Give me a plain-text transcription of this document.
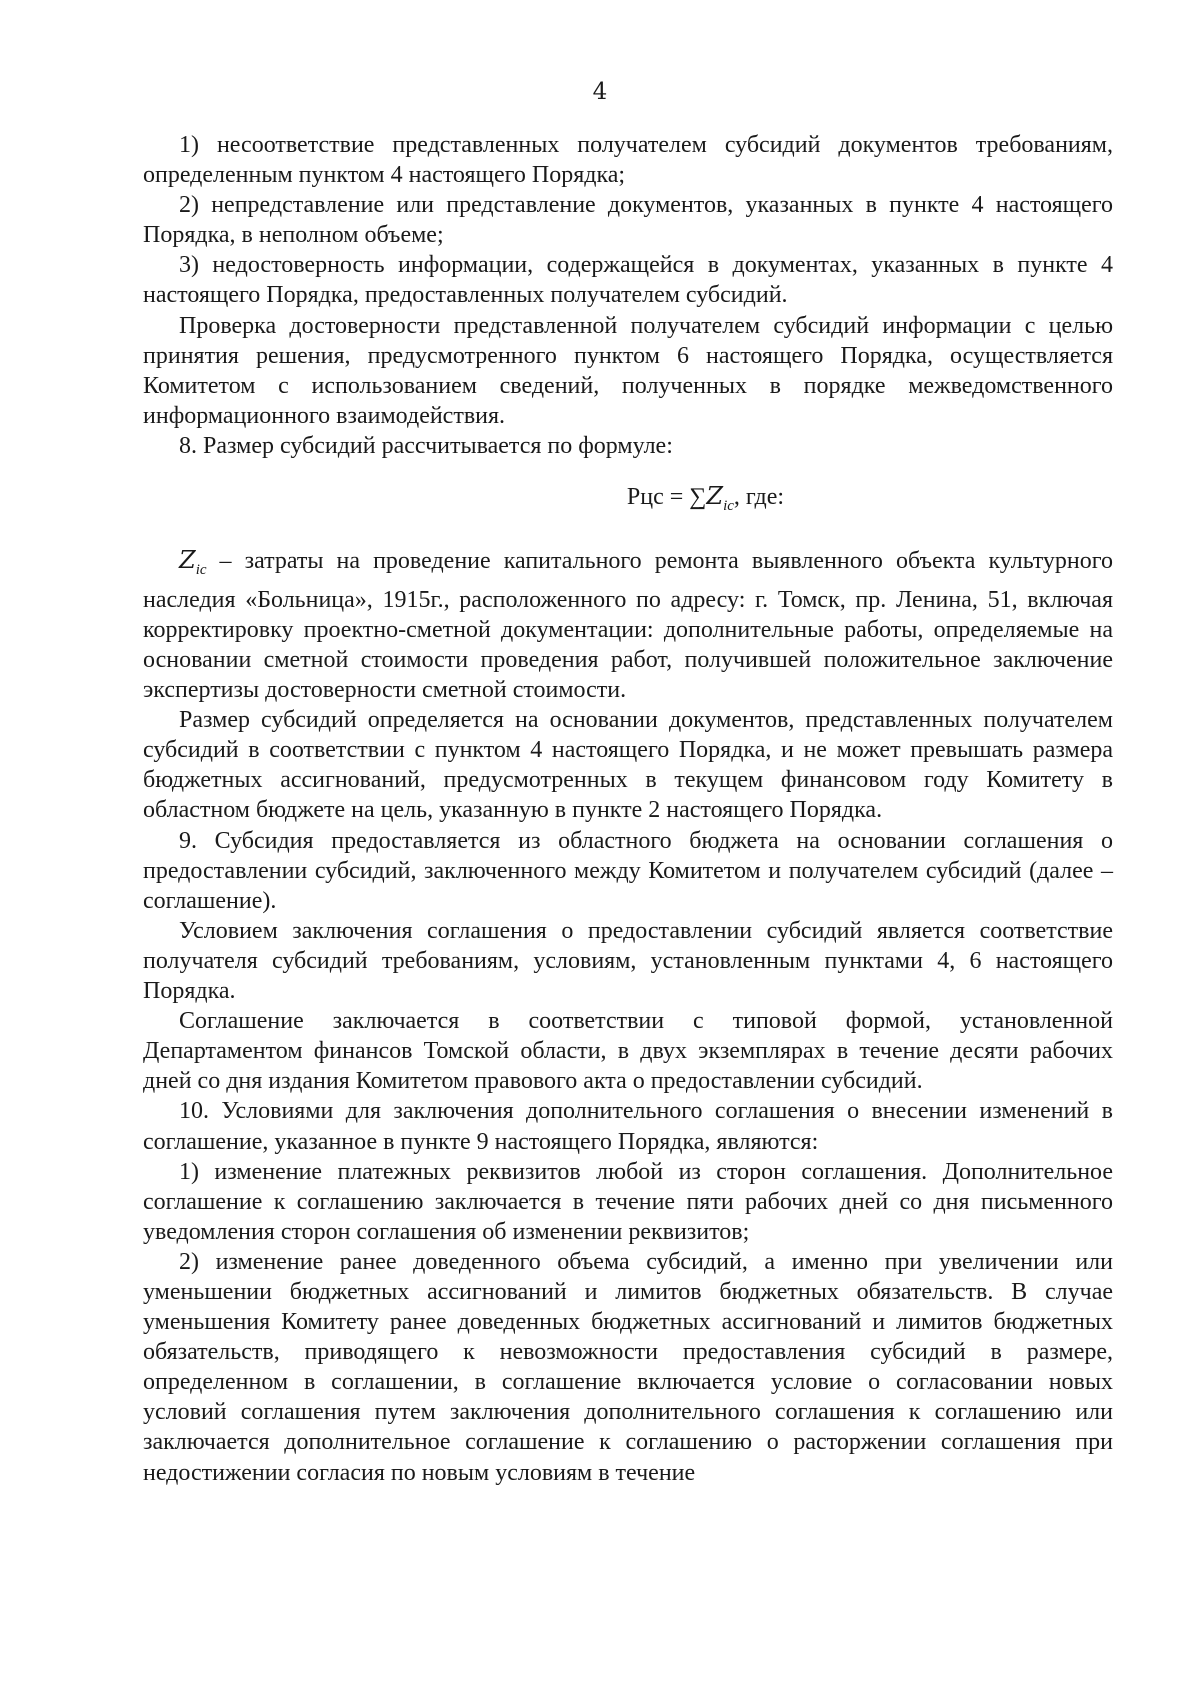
4

1) несоответствие представленных получателем субсидий документов требованиям, определенным пунктом 4 настоящего Порядка;

2) непредставление или представление документов, указанных в пункте 4 настоящего Порядка, в неполном объеме;

3) недостоверность информации, содержащейся в документах, указанных в пункте 4 настоящего Порядка, предоставленных получателем субсидий.

Проверка достоверности представленной получателем субсидий информации с целью принятия решения, предусмотренного пунктом 6 настоящего Порядка, осуществляется Комитетом с использованием сведений, полученных в порядке межведомственного информационного взаимодействия.

8. Размер субсидий рассчитывается по формуле:

Рцс = $\sum Z_{ic}$, где:

$Z_{ic}$ – затраты на проведение капитального ремонта выявленного объекта культурного наследия «Больница», 1915г., расположенного по адресу: г. Томск, пр. Ленина, 51, включая корректировку проектно-сметной документации: дополнительные работы, определяемые на основании сметной стоимости проведения работ, получившей положительное заключение экспертизы достоверности сметной стоимости.

Размер субсидий определяется на основании документов, представленных получателем субсидий в соответствии с пунктом 4 настоящего Порядка, и не может превышать размера бюджетных ассигнований, предусмотренных в текущем финансовом году Комитету в областном бюджете на цель, указанную в пункте 2 настоящего Порядка.

9. Субсидия предоставляется из областного бюджета на основании соглашения о предоставлении субсидий, заключенного между Комитетом и получателем субсидий (далее – соглашение).

Условием заключения соглашения о предоставлении субсидий является соответствие получателя субсидий требованиям, условиям, установленным пунктами 4, 6 настоящего Порядка.

Соглашение заключается в соответствии с типовой формой, установленной Департаментом финансов Томской области, в двух экземплярах в течение десяти рабочих дней со дня издания Комитетом правового акта о предоставлении субсидий.

10. Условиями для заключения дополнительного соглашения о внесении изменений в соглашение, указанное в пункте 9 настоящего Порядка, являются:

1) изменение платежных реквизитов любой из сторон соглашения. Дополнительное соглашение к соглашению заключается в течение пяти рабочих дней со дня письменного уведомления сторон соглашения об изменении реквизитов;

2) изменение ранее доведенного объема субсидий, а именно при увеличении или уменьшении бюджетных ассигнований и лимитов бюджетных обязательств. В случае уменьшения Комитету ранее доведенных бюджетных ассигнований и лимитов бюджетных обязательств, приводящего к невозможности предоставления субсидий в размере, определенном в соглашении, в соглашение включается условие о согласовании новых условий соглашения путем заключения дополнительного соглашения к соглашению или заключается дополнительное соглашение к соглашению о расторжении соглашения при недостижении согласия по новым условиям в течение
